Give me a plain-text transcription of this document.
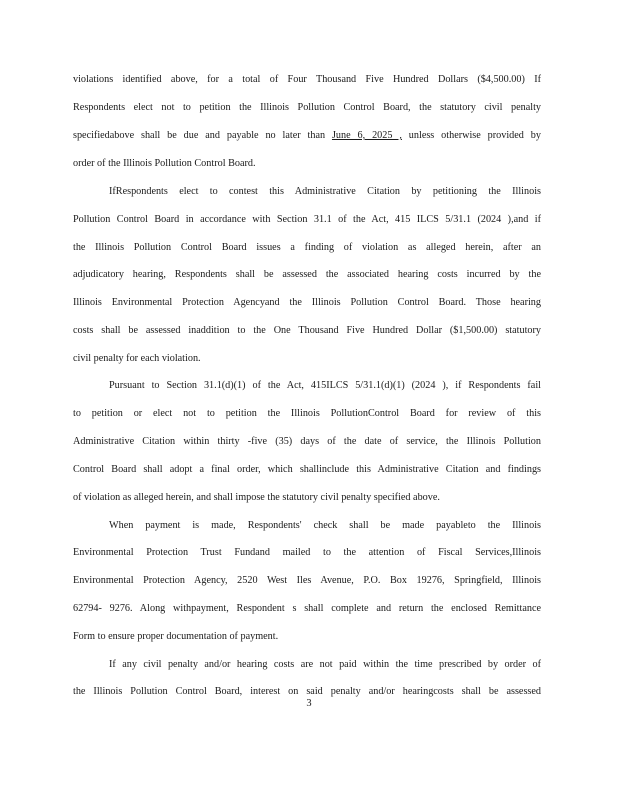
violations identified above, for a total of Four Thousand Five Hundred Dollars ($4,500.00) If
Respondents elect not to petition the Illinois Pollution Control Board, the statutory civil penalty
specifiedabove shall be due and payable no later than June 6, 2025 , unless otherwise provided by
order of the Illinois Pollution Control Board.
IfRespondents elect to contest this Administrative Citation by petitioning the Illinois
Pollution Control Board in accordance with Section 31.1 of the Act, 415 ILCS 5/31.1 (2024 ),and if
the Illinois Pollution Control Board issues a finding of violation as alleged herein, after an
adjudicatory hearing, Respondents shall be assessed the associated hearing costs incurred by the
Illinois Environmental Protection Agencyand the Illinois Pollution Control Board. Those hearing
costs shall be assessed inaddition to the One Thousand Five Hundred Dollar ($1,500.00) statutory
civil penalty for each violation.
Pursuant to Section 31.1(d)(1) of the Act, 415ILCS 5/31.1(d)(1) (2024 ), if Respondents fail
to petition or elect not to petition the Illinois PollutionControl Board for review of this
Administrative Citation within thirty -five (35) days of the date of service, the Illinois Pollution
Control Board shall adopt a final order, which shallinclude this Administrative Citation and findings
of violation as alleged herein, and shall impose the statutory civil penalty specified above.
When payment is made, Respondents' check shall be made payableto the Illinois
Environmental Protection Trust Fundand mailed to the attention of Fiscal Services,Illinois
Environmental Protection Agency, 2520 West Iles Avenue, P.O. Box 19276, Springfield, Illinois
62794- 9276. Along withpayment, Respondent s shall complete and return the enclosed Remittance
Form to ensure proper documentation of payment.
If any civil penalty and/or hearing costs are not paid within the time prescribed by order of
the Illinois Pollution Control Board, interest on said penalty and/or hearingcosts shall be assessed
3
